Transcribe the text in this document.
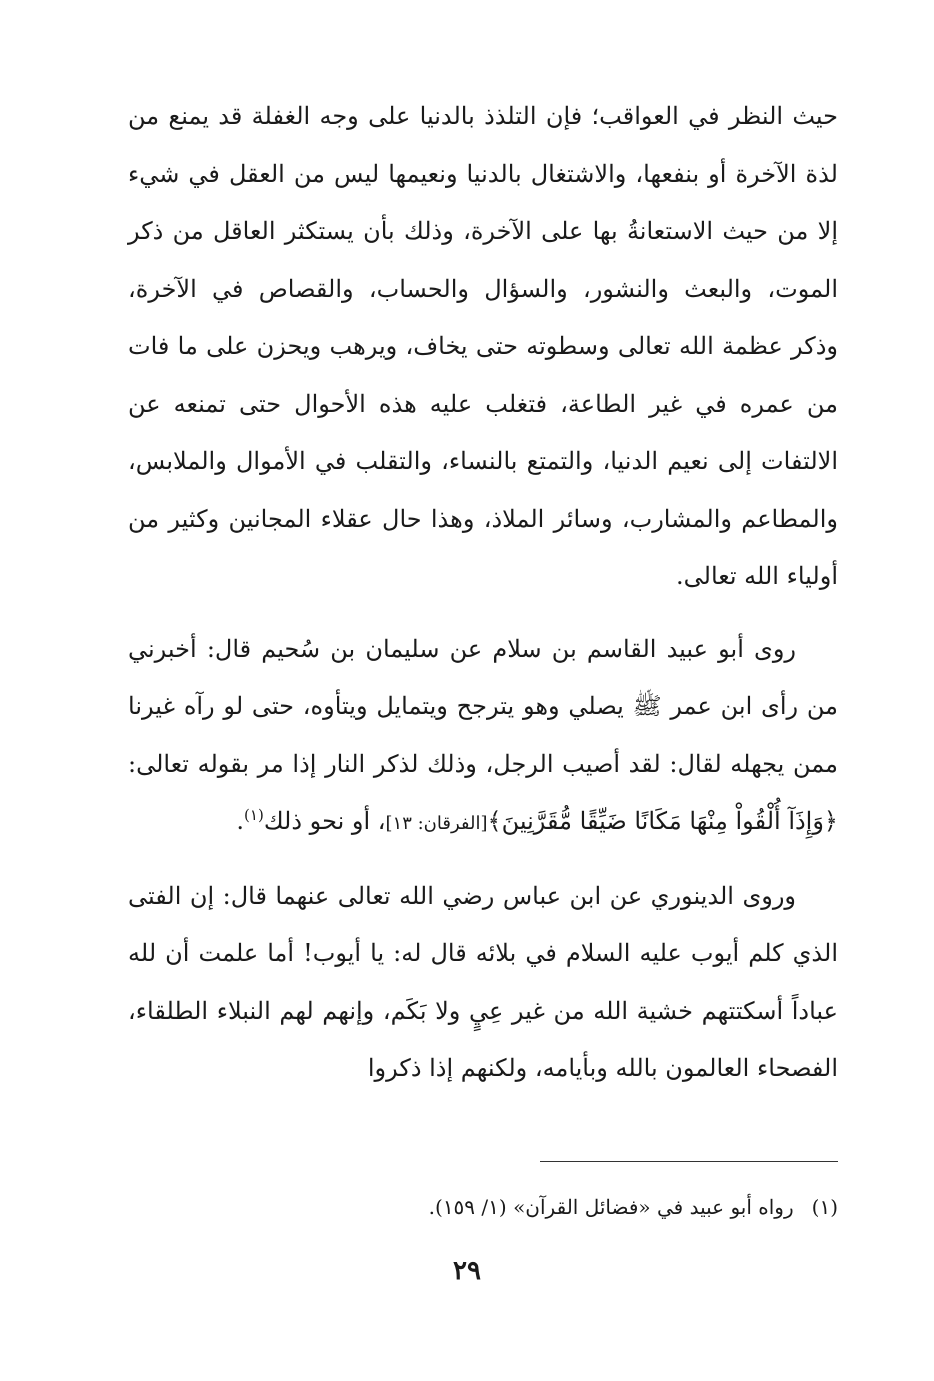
حيث النظر في العواقب؛ فإن التلذذ بالدنيا على وجه الغفلة قد يمنع من لذة الآخرة أو بنفعها، والاشتغال بالدنيا ونعيمها ليس من العقل في شيء إلا من حيث الاستعانةُ بها على الآخرة، وذلك بأن يستكثر العاقل من ذكر الموت، والبعث والنشور، والسؤال والحساب، والقصاص في الآخرة، وذكر عظمة الله تعالى وسطوته حتى يخاف، ويرهب ويحزن على ما فات من عمره في غير الطاعة، فتغلب عليه هذه الأحوال حتى تمنعه عن الالتفات إلى نعيم الدنيا، والتمتع بالنساء، والتقلب في الأموال والملابس، والمطاعم والمشارب، وسائر الملاذ، وهذا حال عقلاء المجانين وكثير من أولياء الله تعالى.

روى أبو عبيد القاسم بن سلام عن سليمان بن سُحيم قال: أخبرني من رأى ابن عمر ﷺ يصلي وهو يترجح ويتمايل ويتأوه، حتى لو رآه غيرنا ممن يجهله لقال: لقد أصيب الرجل، وذلك لذكر النار إذا مر بقوله تعالى: ﴿وَإِذَآ أُلْقُواْ مِنْهَا مَكَانًا ضَيِّقًا مُّقَرَّنِينَ﴾[الفرقان: ١٣]، أو نحو ذلك$^{(١)}$.

وروى الدينوري عن ابن عباس رضي الله تعالى عنهما قال: إن الفتى الذي كلم أيوب عليه السلام في بلائه قال له: يا أيوب! أما علمت أن لله عباداً أسكتتهم خشية الله من غير عِيٍ ولا بَكَم، وإنهم لهم النبلاء الطلقاء، الفصحاء العالمون بالله وبأيامه، ولكنهم إذا ذكروا

(١)رواه أبو عبيد في «فضائل القرآن» (١/ ١٥٩).
٢٩
